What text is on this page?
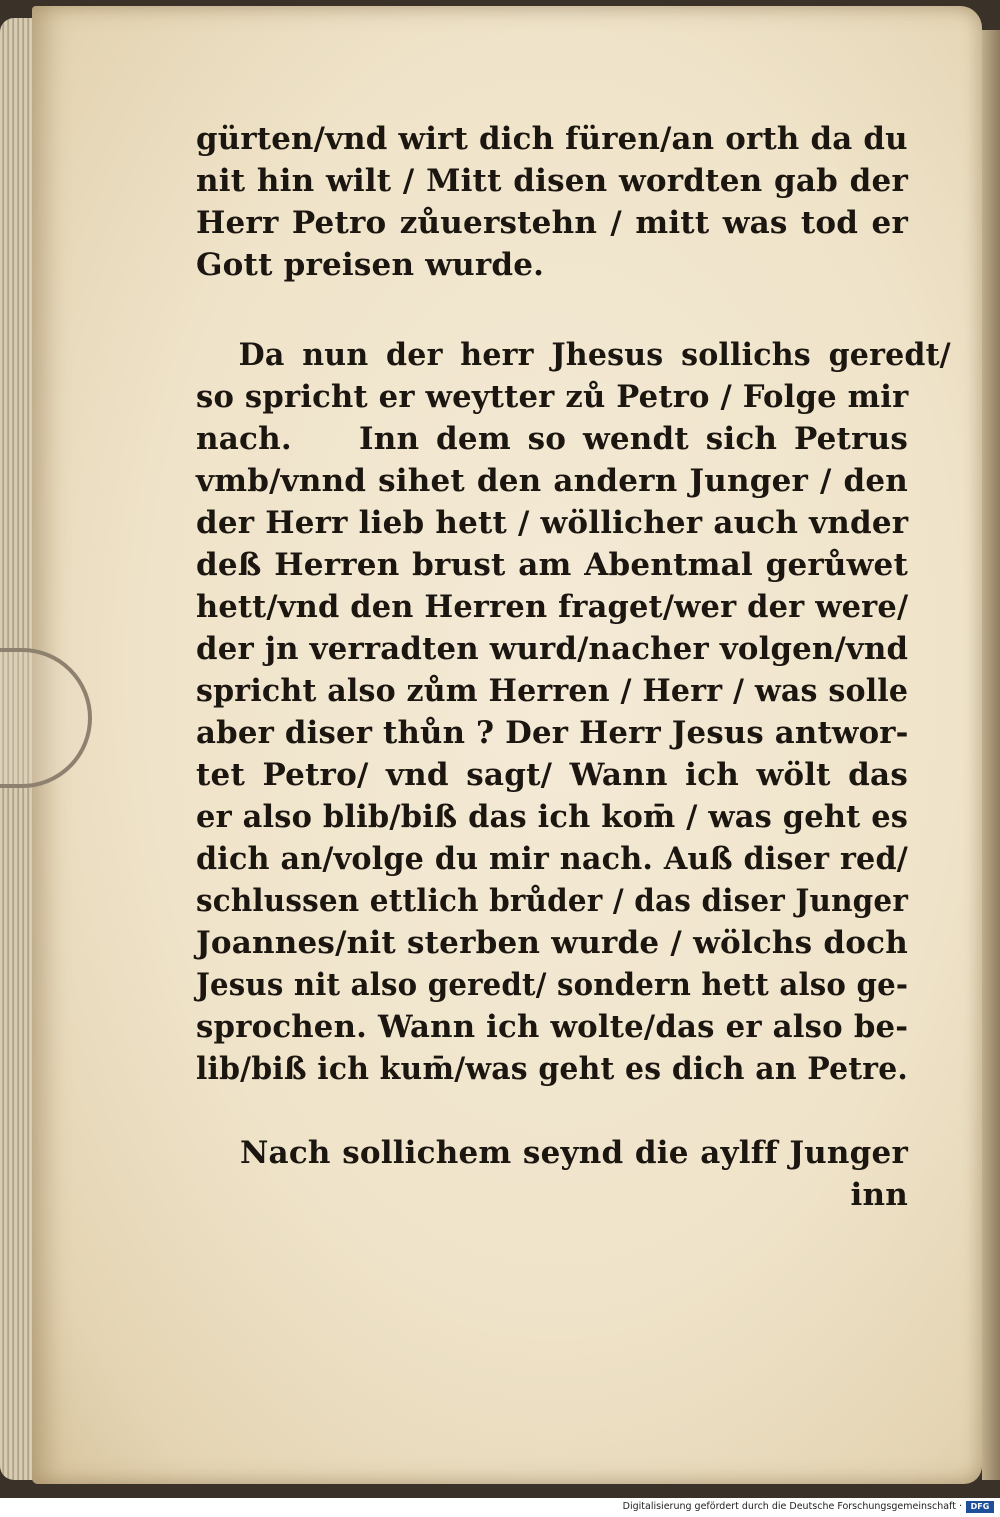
gürten/vnd wirt dich füren/an orth da du
nit hin wilt / Mitt disen wordten gab der
Herr Petro zůuerstehn / mitt was tod er
Gott preisen wurde.
Da nun der herr Jhesus sollichs geredt/
so spricht er weytter zů Petro / Folge mir
nach.    Inn dem so wendt sich Petrus
vmb/vnnd sihet den andern Junger / den
der Herr lieb hett / wöllicher auch vnder
deß Herren brust am Abentmal gerůwet
hett/vnd den Herren fraget/wer der were/
der jn verradten wurd/nacher volgen/vnd
spricht also zům Herren / Herr / was solle
aber diser thůn ? Der Herr Jesus antwor-
tet Petro/ vnd sagt/ Wann ich wölt das
er also blib/biß das ich kom̄ / was geht es
dich an/volge du mir nach. Auß diser red/
schlussen ettlich brůder / das diser Junger
Joannes/nit sterben wurde / wölchs doch
Jesus nit also geredt/ sondern hett also ge-
sprochen. Wann ich wolte/das er also be-
lib/biß ich kum̄/was geht es dich an Petre.
Nach sollichem seynd die aylff Junger
inn
Digitalisierung gefördert durch die Deutsche Forschungsgemeinschaft ·	DFG
